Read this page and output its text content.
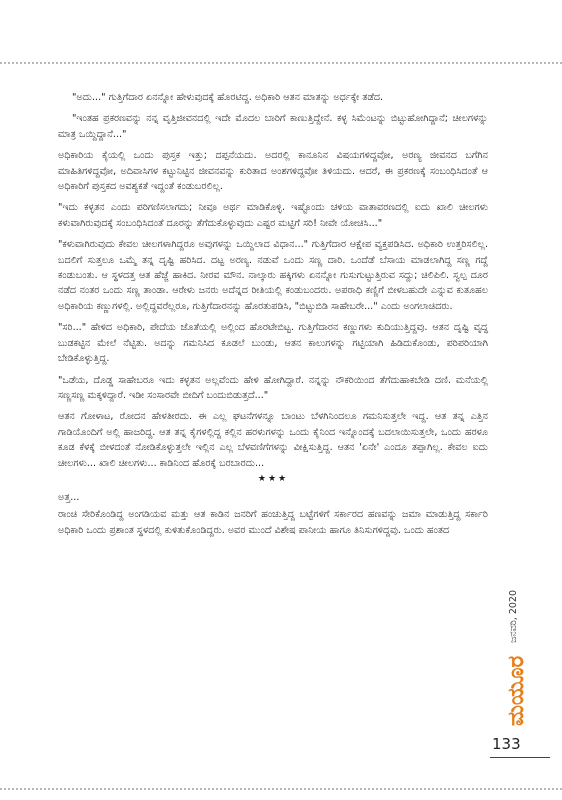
"ಅದು..." ಗುತ್ತಿಗೆದಾರ ಏನನ್ನೋ ಹೇಳುವುದಕ್ಕೆ ಹೊರಟಿದ್ದ. ಅಧಿಕಾರಿ ಆತನ ಮಾತನ್ನು ಅರ್ಧಕ್ಕೇ ತಡೆದ.

"ಇಂತಹ ಪ್ರಕರಣವನ್ನು ನನ್ನ ವೃತ್ತಿಜೀವನದಲ್ಲಿ ಇದೇ ಮೊದಲ ಬಾರಿಗೆ ಕಾಣುತ್ತಿದ್ದೇನೆ. ಕಳ್ಳ ಸಿಮೆಂಟನ್ನು ಬಿಟ್ಟುಹೋಗಿದ್ದಾನೆ; ಚೀಲಗಳನ್ನು ಮಾತ್ರ ಒಯ್ದಿದ್ದಾನೆ..."

ಅಧಿಕಾರಿಯ ಕೈಯಲ್ಲಿ ಒಂದು ಪುಸ್ತಕ ಇತ್ತು; ದಪ್ಪನೆಯದು. ಅದರಲ್ಲಿ ಕಾನೂನಿನ ವಿಷಯಗಳಿದ್ದವೋ, ಅರಣ್ಯ ಜೀವನದ ಬಗೆಗಿನ ಮಾಹಿತಿಗಳಿದ್ದವೋ, ಅದಿವಾಸಿಗಳ ಕಟ್ಟುನಿಟ್ಟಿನ ಜೀವನವನ್ನು ಕುರಿತಾದ ಅಂಶಗಳಿದ್ದವೋ ತಿಳಿಯದು. ಆದರೆ, ಈ ಪ್ರಕರಣಕ್ಕೆ ಸಂಬಂಧಿಸಿದಂತೆ ಆ ಅಧಿಕಾರಿಗೆ ಪುಸ್ತಕದ ಅವಶ್ಯಕತೆ ಇದ್ದಂತೆ ಕಂಡುಬರಲಿಲ್ಲ.

"ಇದು ಕಳ್ಳತನ ಎಂದು ಪರಿಗಣಿಸಲಾಗದು; ನೀವೂ ಅರ್ಥ ಮಾಡಿಕೊಳ್ಳಿ. ಇಷ್ಟೊಂದು ಚಳಿಯ ವಾತಾವರಣದಲ್ಲಿ ಐದು ಖಾಲಿ ಚೀಲಗಳು ಕಳುವಾಗಿರುವುದಕ್ಕೆ ಸಂಬಂಧಿಸಿದಂತೆ ದೂರನ್ನು ತೆಗೆದುಕೊಳ್ಳುವುದು ಎಷ್ಟರ ಮಟ್ಟಿಗೆ ಸರಿ! ನೀವೇ ಯೋಚಿಸಿ..."

"ಕಳುವಾಗಿರುವುದು ಕೇವಲ ಚೀಲಗಳಾಗಿದ್ದರೂ ಅವುಗಳನ್ನು ಒಯ್ದಿಲಾದ ವಿಧಾನ..." ಗುತ್ತಿಗೆದಾರ ಆಕ್ಷೇಪ ವ್ಯಕ್ತಪಡಿಸಿದ. ಅಧಿಕಾರಿ ಉತ್ತರಿಸಲಿಲ್ಲ. ಬದಲಿಗೆ ಸುತ್ತಲೂ ಒಮ್ಮೆ ತನ್ನ ದೃಷ್ಟಿ ಹರಿಸಿದ. ದಟ್ಟ ಅರಣ್ಯ. ನಡುವೆ ಒಂದು ಸಣ್ಣ ದಾರಿ. ಒಂದೆಡೆ ಬೆಸಾಯ ಮಾಡಲಾಗಿದ್ದ ಸಣ್ಣ ಗದ್ದೆ ಕಂಡುಬಂತು. ಆ ಸ್ಥಳದತ್ತ ಆತ ಹೆಜ್ಜೆ ಹಾಕಿದ. ನೀರವ ಮೌನ. ನಾಲ್ಕಾರು ಹಕ್ಕಿಗಳು ಏನನ್ನೋ ಗುಸುಗುಟ್ಟುತ್ತಿರುವ ಸದ್ದು; ಚಿಲಿಪಿಲಿ. ಸ್ವಲ್ಪ ದೂರ ನಡೆದ ನಂತರ ಒಂದು ಸಣ್ಣ ತಾಂಡಾ. ಆರೇಳು ಜನರು ಅದೆನ್ನದ ರೀತಿಯಲ್ಲಿ ಕಂಡುಬಂದರು. ಅಪರಾಧಿ ಕಣ್ಣಿಗೆ ಬೀಳಬಹುದೇ ಎನ್ನುವ ಕುತೂಹಲ ಅಧಿಕಾರಿಯ ಕಣ್ಣುಗಳಲ್ಲಿ. ಅಲ್ಲಿದ್ದವರೆಲ್ಲರೂ, ಗುತ್ತಿಗೆದಾರನನ್ನು ಹೊರತುಪಡಿಸಿ, "ಬಿಟ್ಟುಬಿಡಿ ಸಾಹೇಬರೇ..." ಎಂದು ಅಂಗಲಾಚಿದರು.

"ಸರಿ..." ಹೇಳಿದ ಅಧಿಕಾರಿ, ಪೇದೆಯ ಜೊತೆಯಲ್ಲಿ ಅಲ್ಲಿಂದ ಹೊರಟೇಬಿಟ್ಟ. ಗುತ್ತಿಗೆದಾರನ ಕಣ್ಣುಗಳು ಕುದಿಯುತ್ತಿದ್ದವು. ಆತನ ದೃಷ್ಟಿ ವೃದ್ಧ ಬುಡಕಟ್ಟಿನ ಮೇಲೆ ನೆಟ್ಟಿತು. ಅದನ್ನು ಗಮನಿಸಿದ ಕೂಡಲೆ ಬುಂಡು, ಆತನ ಕಾಲುಗಳನ್ನು ಗಟ್ಟಿಯಾಗಿ ಹಿಡಿದುಕೊಂಡು, ಪರಿಪರಿಯಾಗಿ ಬೇಡಿಕೊಳ್ಳುತ್ತಿದ್ದ.

"ಒಡೆಯ, ದೊಡ್ಡ ಸಾಹೇಬರೂ ಇದು ಕಳ್ಳತನ ಅಲ್ಲವೆಂದು ಹೇಳಿ ಹೋಗಿದ್ದಾರೆ. ನನ್ನನ್ನು ನೌಕರಿಯಿಂದ ತೆಗೆದುಹಾಕಬೇಡಿ ದಣಿ. ಮನೆಯಲ್ಲಿ ಸಣ್ಣಸಣ್ಣ ಮಕ್ಕಳಿದ್ದಾರೆ. ಇಡೀ ಸಂಸಾರವೇ ಬೀದಿಗೆ ಬಂದುಬಿಡುತ್ತದೆ..."

ಆತನ ಗೋಳಾಟ, ರೋದನ ಹೇಳತೀರದು. ಈ ಎಲ್ಲ ಘಟನೆಗಳನ್ನೂ ಬಾಂಟು ಬೆಳಗಿನಿಂದಲೂ ಗಮನಿಸುತ್ತಲೇ ಇದ್ದ. ಆತ ತನ್ನ ಎತ್ತಿನ ಗಾಡಿಯೊಂದಿಗೆ ಅಲ್ಲಿ ಹಾಜರಿದ್ದ. ಆತ ತನ್ನ ಕೈಗಳಲ್ಲಿದ್ದ ಕಲ್ಲಿನ ಹರಳುಗಳನ್ನು ಒಂದು ಕೈನಿಂದ ಇನ್ನೊಂದಕ್ಕೆ ಬದಲಾಯಿಸುತ್ತಲೇ, ಒಂದು ಹರಳೂ ಕೂಡ ಕೆಳಕ್ಕೆ ಬೀಳದಂತೆ ನೋಡಿಕೊಳ್ಳುತ್ತಲೇ ಇಲ್ಲಿನ ಎಲ್ಲ ಬೆಳವಣಿಗೆಗಳನ್ನು ವೀಕ್ಷಿಸುತ್ತಿದ್ದ. ಆತನ 'ಏನೇ' ಎಂದೂ ತಪ್ಪಾಗಿಲ್ಲ. ಕೇವಲ ಐದು ಚೀಲಗಳು... ಖಾಲಿ ಚೀಲಗಳು... ಕಾಡಿನಿಂದ ಹೊರಕ್ಕೆ ಬರಬಾರದು...

★★★

ಅತ್ತ...

ರಾಂಚಿ ಸೇರಿಕೊಂಡಿದ್ದ ಅಂಗಡಿಯವ ಮತ್ತು ಆತ ಕಾಡಿನ ಜನರಿಗೆ ಹಂಚುತ್ತಿದ್ದ ಬಟ್ಟೆಗಳಿಗೆ ಸರ್ಕಾರದ ಹಣವನ್ನು ಜಮಾ ಮಾಡುತ್ತಿದ್ದ ಸರ್ಕಾರಿ ಅಧಿಕಾರಿ ಒಂದು ಪ್ರಶಾಂತ ಸ್ಥಳದಲ್ಲಿ ಕುಳಿತುಕೊಂಡಿದ್ದರು. ಅವರ ಮುಂದೆ ವಿಶೇಷ ಪಾನೀಯ ಹಾಗೂ ತಿನಿಸುಗಳಿದ್ದವು. ಒಂದು ಹಂತದ

ಜನವರಿ, 2020
ಮಯೂರ
133
